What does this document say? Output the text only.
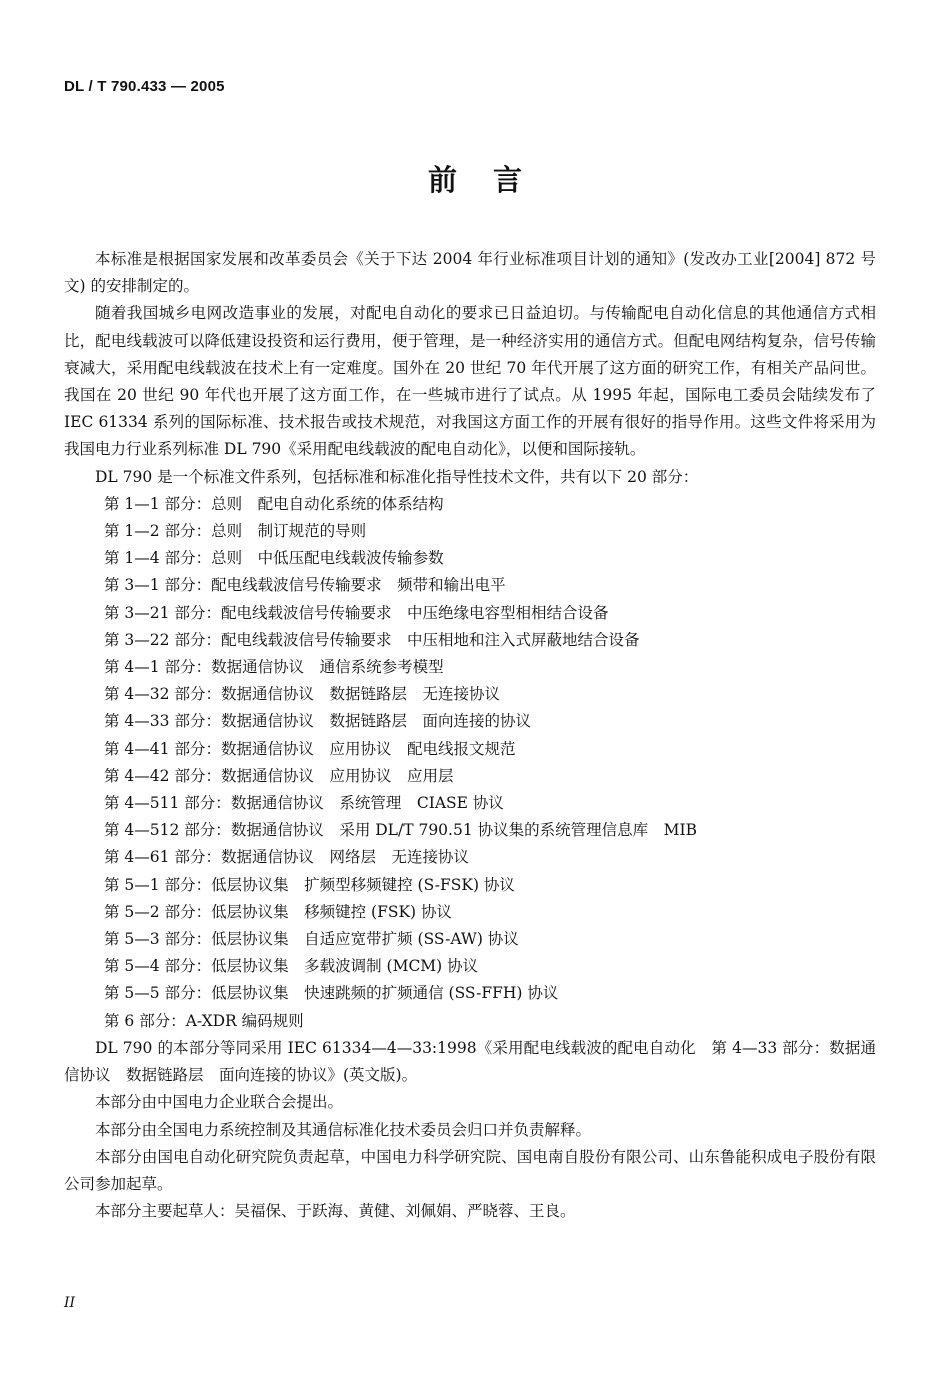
DL / T 790.433 — 2005
前言

本标准是根据国家发展和改革委员会《关于下达 2004 年行业标准项目计划的通知》(发改办工业[2004] 872 号文) 的安排制定的。

随着我国城乡电网改造事业的发展，对配电自动化的要求已日益迫切。与传输配电自动化信息的其他通信方式相比，配电线载波可以降低建设投资和运行费用，便于管理，是一种经济实用的通信方式。但配电网结构复杂，信号传输衰减大，采用配电线载波在技术上有一定难度。国外在 20 世纪 70 年代开展了这方面的研究工作，有相关产品问世。我国在 20 世纪 90 年代也开展了这方面工作，在一些城市进行了试点。从 1995 年起，国际电工委员会陆续发布了 IEC 61334 系列的国际标准、技术报告或技术规范，对我国这方面工作的开展有很好的指导作用。这些文件将采用为我国电力行业系列标准 DL 790《采用配电线载波的配电自动化》，以便和国际接轨。

DL 790 是一个标准文件系列，包括标准和标准化指导性技术文件，共有以下 20 部分：

第 1—1 部分：总则 配电自动化系统的体系结构
第 1—2 部分：总则 制订规范的导则
第 1—4 部分：总则 中低压配电线载波传输参数
第 3—1 部分：配电线载波信号传输要求 频带和输出电平
第 3—21 部分：配电线载波信号传输要求 中压绝缘电容型相相结合设备
第 3—22 部分：配电线载波信号传输要求 中压相地和注入式屏蔽地结合设备
第 4—1 部分：数据通信协议 通信系统参考模型
第 4—32 部分：数据通信协议 数据链路层 无连接协议
第 4—33 部分：数据通信协议 数据链路层 面向连接的协议
第 4—41 部分：数据通信协议 应用协议 配电线报文规范
第 4—42 部分：数据通信协议 应用协议 应用层
第 4—511 部分：数据通信协议 系统管理 CIASE 协议
第 4—512 部分：数据通信协议 采用 DL/T 790.51 协议集的系统管理信息库 MIB
第 4—61 部分：数据通信协议 网络层 无连接协议
第 5—1 部分：低层协议集 扩频型移频键控 (S-FSK) 协议
第 5—2 部分：低层协议集 移频键控 (FSK) 协议
第 5—3 部分：低层协议集 自适应宽带扩频 (SS-AW) 协议
第 5—4 部分：低层协议集 多载波调制 (MCM) 协议
第 5—5 部分：低层协议集 快速跳频的扩频通信 (SS-FFH) 协议
第 6 部分：A-XDR 编码规则

DL 790 的本部分等同采用 IEC 61334—4—33:1998《采用配电线载波的配电自动化　第 4—33 部分：数据通信协议　数据链路层　面向连接的协议》(英文版)。

本部分由中国电力企业联合会提出。

本部分由全国电力系统控制及其通信标准化技术委员会归口并负责解释。

本部分由国电自动化研究院负责起草，中国电力科学研究院、国电南自股份有限公司、山东鲁能积成电子股份有限公司参加起草。

本部分主要起草人：吴福保、于跃海、黄健、刘佩娟、严晓蓉、王良。

II
